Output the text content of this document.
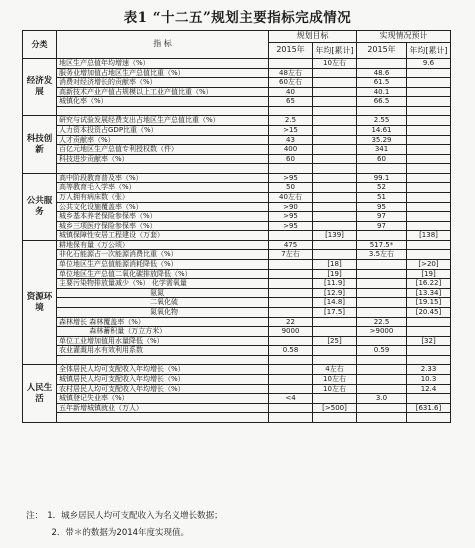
表1 “十二五”规划主要指标完成情况
分类	指 标	规划目标		实现情况预计	
		2015年	年均[累计]	2015年	年均[累计]
经济发展	地区生产总值年均增速（%）		10左右		9.6
	服务业增加值占地区生产总值比重（%）	48左右		48.6	
	消费对经济增长的贡献率（%）	60左右		61.5	
	高新技术产业产值占规模以上工业产值比重（%）	40		40.1	
	城镇化率（%）	65		66.5	

科技创新	研究与试验发展经费支出占地区生产总值比重（%）	2.5		2.55	
	人力资本投资占GDP比重（%）	>15		14.61	
	人才贡献率（%）	43		35.29	
	百亿元地区生产总值专利授权数（件）	400		341	
	科技进步贡献率（%）	60		60	

公共服务	高中阶段教育普及率（%）	>95		99.1	
	高等教育毛入学率（%）	50		52	
	万人拥有病床数（张）	40左右		51	
	公共文化设施覆盖率（%）	>90		95	
	城乡基本养老保险参保率（%）	>95		97	
	城乡三项医疗保险参保率（%）	>95		97	
	城镇保障性安居工程建设（万套）		[139]		[138]
资源环境	耕地保有量（万公顷）	475		517.5*	
	非化石能源占一次能源消费比重（%）	7左右		3.5左右	
	单位地区生产总值能源消耗降低（%）		[18]		[>20]
	单位地区生产总值二氧化碳排放降低（%）		[19]		[19]
	主要污染物排放量减少（%） 化学需氧量		[11.9]		[16.22]
	　　　　　　　　　　　　　氨氮		[12.9]		[13.34]
	　　　　　　　　　　　　　二氧化硫		[14.8]		[19.15]
	　　　　　　　　　　　　　氮氧化物		[17.5]		[20.45]
	森林增长 森林覆盖率（%）	22		22.5	
	　　　　 森林蓄积量（万立方米）	9000		>9000	
	单位工业增加值用水量降低（%）		[25]		[32]
	农业灌溉用水有效利用系数	0.58		0.59	

人民生活	全体居民人均可支配收入年均增长（%）		4左右		2.33
	城镇居民人均可支配收入年均增长（%）		10左右		10.3
	农村居民人均可支配收入年均增长（%）		10左右		12.4
	城镇登记失业率（%）	<4		3.0	
	五年新增城镇就业（万人）		[>500]		[631.6]

注：　1．城乡居民人均可支配收入为名义增长数据；
　　　2．带＊的数据为2014年度实现值。
